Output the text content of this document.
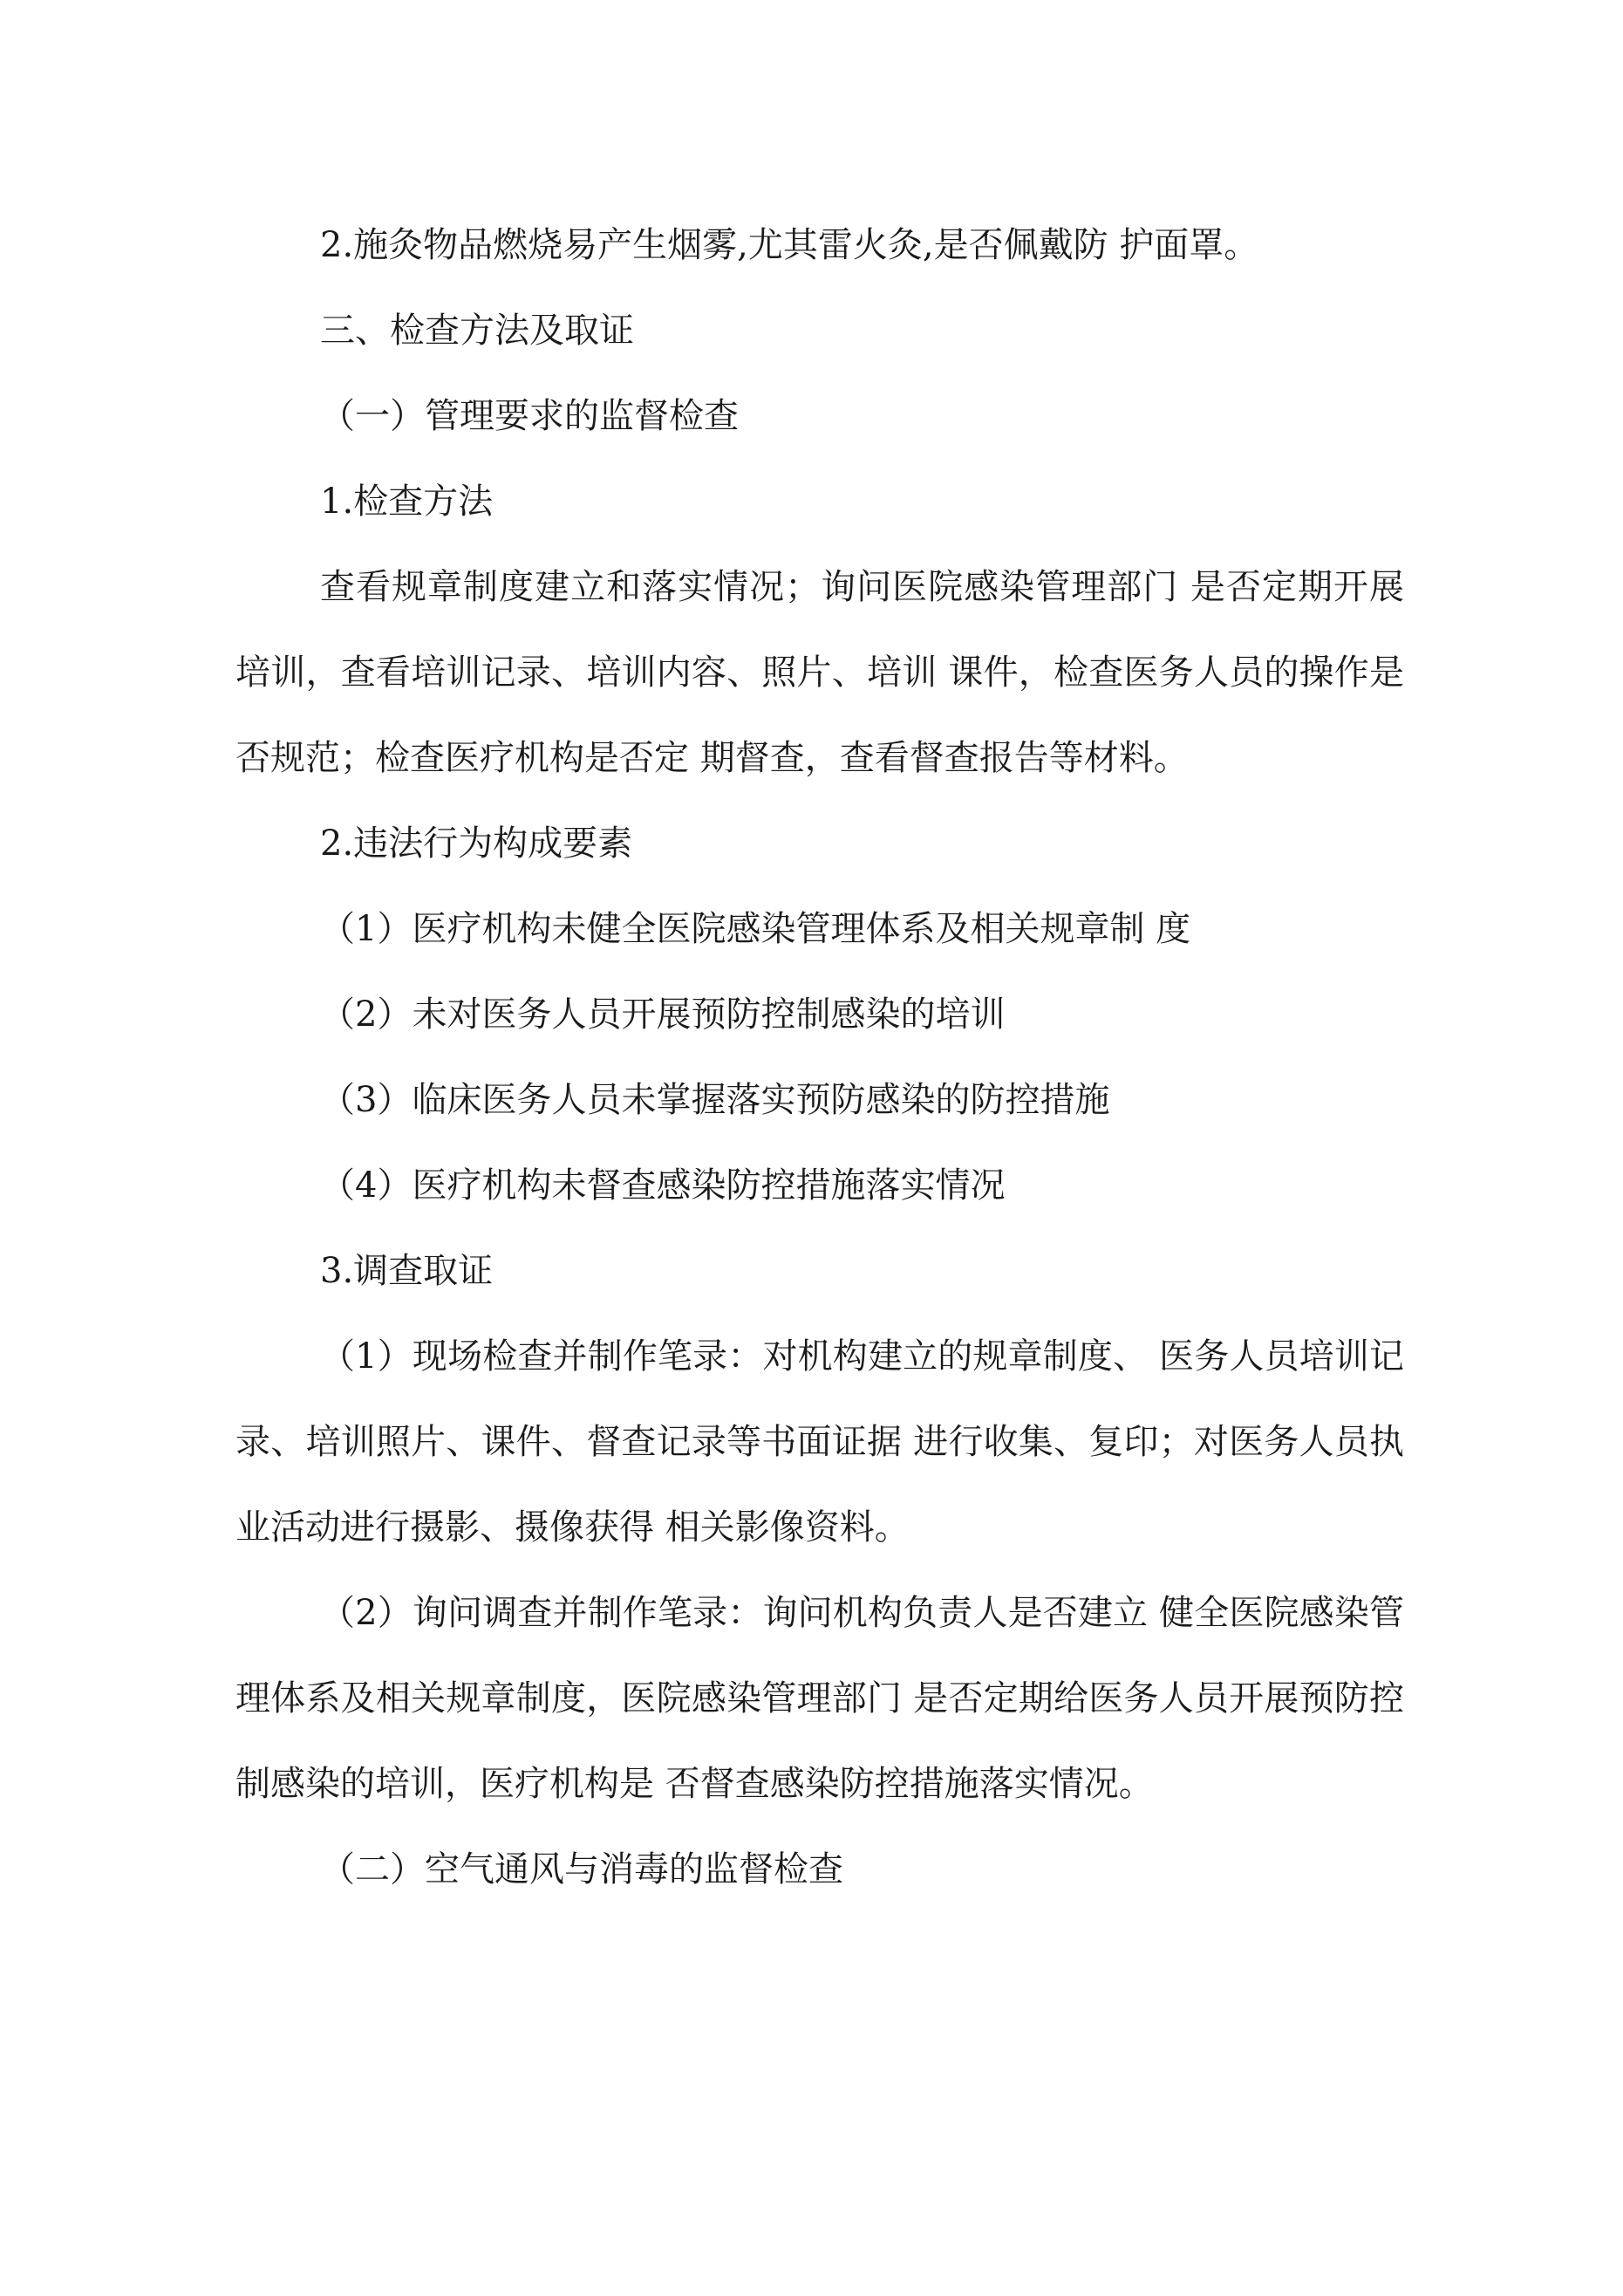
2.施灸物品燃烧易产生烟雾,尤其雷火灸,是否佩戴防 护面罩。

三、检查方法及取证

（一）管理要求的监督检查

1.检查方法

查看规章制度建立和落实情况；询问医院感染管理部门 是否定期开展培训，查看培训记录、培训内容、照片、培训 课件，检查医务人员的操作是否规范；检查医疗机构是否定 期督查，查看督查报告等材料。

2.违法行为构成要素

（1）医疗机构未健全医院感染管理体系及相关规章制 度

（2）未对医务人员开展预防控制感染的培训

（3）临床医务人员未掌握落实预防感染的防控措施

（4）医疗机构未督查感染防控措施落实情况

3.调查取证

（1）现场检查并制作笔录：对机构建立的规章制度、 医务人员培训记录、培训照片、课件、督查记录等书面证据 进行收集、复印；对医务人员执业活动进行摄影、摄像获得 相关影像资料。

（2）询问调查并制作笔录：询问机构负责人是否建立 健全医院感染管理体系及相关规章制度，医院感染管理部门 是否定期给医务人员开展预防控制感染的培训，医疗机构是 否督查感染防控措施落实情况。

（二）空气通风与消毒的监督检查
